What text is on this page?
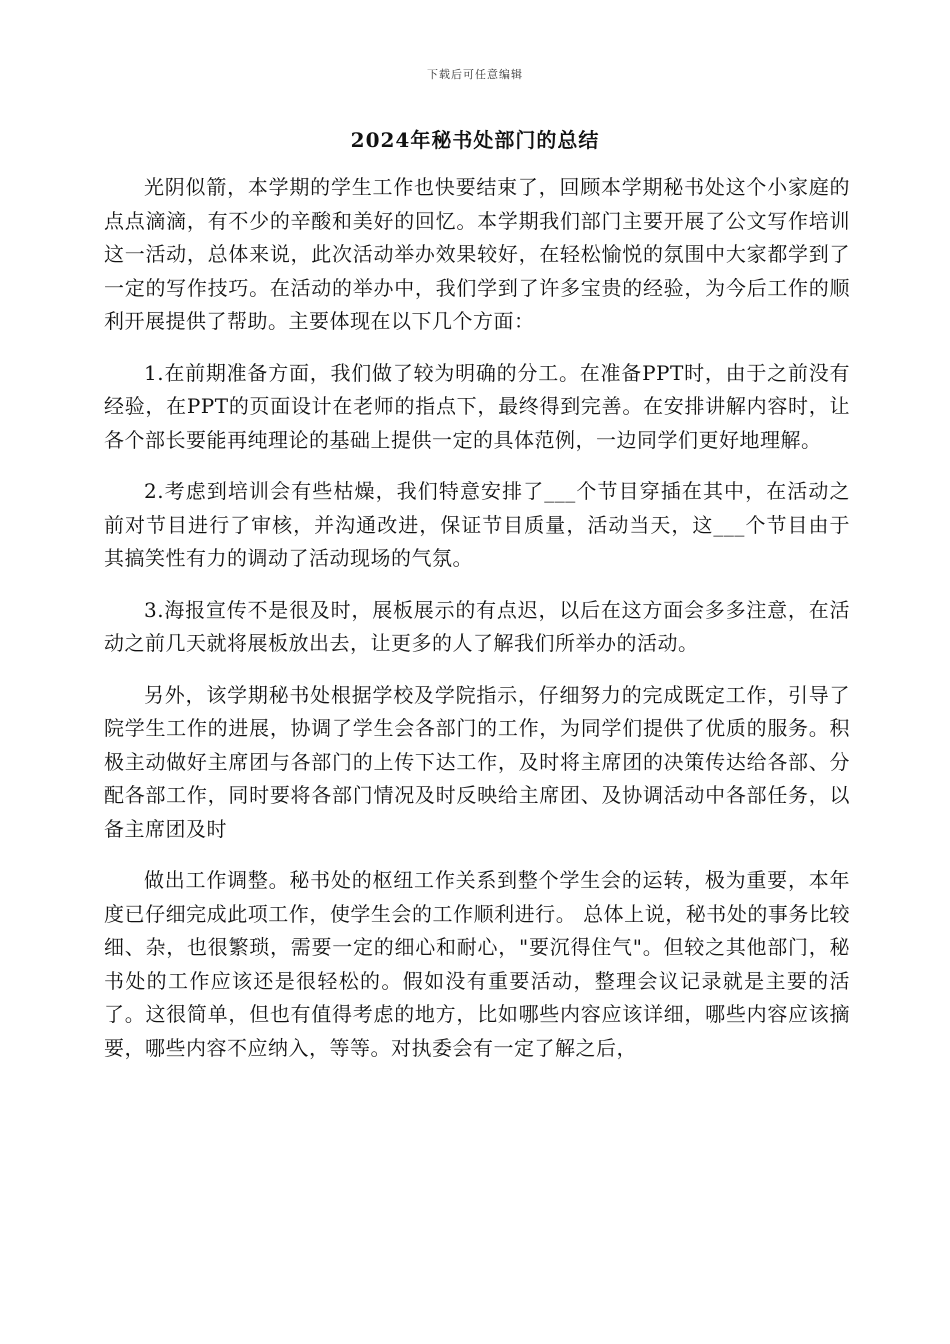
下载后可任意编辑
2024年秘书处部门的总结

光阴似箭，本学期的学生工作也快要结束了，回顾本学期秘书处这个小家庭的点点滴滴，有不少的辛酸和美好的回忆。本学期我们部门主要开展了公文写作培训这一活动，总体来说，此次活动举办效果较好，在轻松愉悦的氛围中大家都学到了一定的写作技巧。在活动的举办中，我们学到了许多宝贵的经验，为今后工作的顺利开展提供了帮助。主要体现在以下几个方面：

1.在前期准备方面，我们做了较为明确的分工。在准备PPT时，由于之前没有经验，在PPT的页面设计在老师的指点下，最终得到完善。在安排讲解内容时，让各个部长要能再纯理论的基础上提供一定的具体范例，一边同学们更好地理解。

2.考虑到培训会有些枯燥，我们特意安排了___个节目穿插在其中，在活动之前对节目进行了审核，并沟通改进，保证节目质量，活动当天，这___个节目由于其搞笑性有力的调动了活动现场的气氛。

3.海报宣传不是很及时，展板展示的有点迟，以后在这方面会多多注意，在活动之前几天就将展板放出去，让更多的人了解我们所举办的活动。

另外，该学期秘书处根据学校及学院指示，仔细努力的完成既定工作，引导了院学生工作的进展，协调了学生会各部门的工作，为同学们提供了优质的服务。积极主动做好主席团与各部门的上传下达工作，及时将主席团的决策传达给各部、分配各部工作，同时要将各部门情况及时反映给主席团、及协调活动中各部任务，以备主席团及时

做出工作调整。秘书处的枢纽工作关系到整个学生会的运转，极为重要，本年度已仔细完成此项工作，使学生会的工作顺利进行。 总体上说，秘书处的事务比较细、杂，也很繁琐，需要一定的细心和耐心，"要沉得住气"。但较之其他部门，秘书处的工作应该还是很轻松的。假如没有重要活动，整理会议记录就是主要的活了。这很简单，但也有值得考虑的地方，比如哪些内容应该详细，哪些内容应该摘要，哪些内容不应纳入，等等。对执委会有一定了解之后，
